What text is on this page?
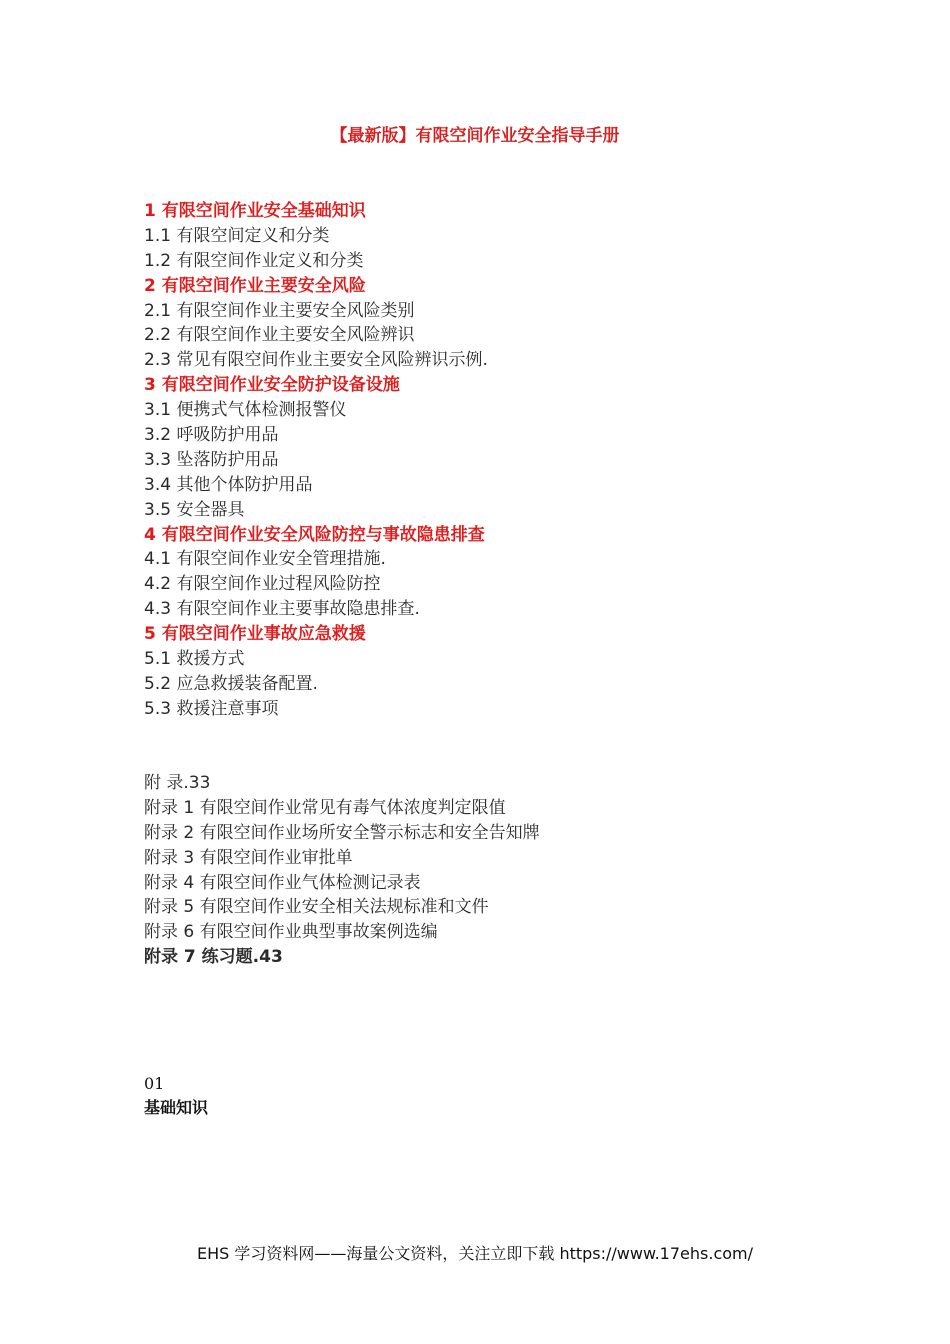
【最新版】有限空间作业安全指导手册
1 有限空间作业安全基础知识
1.1 有限空间定义和分类
1.2 有限空间作业定义和分类
2 有限空间作业主要安全风险
2.1 有限空间作业主要安全风险类别
2.2 有限空间作业主要安全风险辨识
2.3 常见有限空间作业主要安全风险辨识示例.
3 有限空间作业安全防护设备设施
3.1 便携式气体检测报警仪
3.2 呼吸防护用品
3.3 坠落防护用品
3.4 其他个体防护用品
3.5 安全器具
4 有限空间作业安全风险防控与事故隐患排查
4.1 有限空间作业安全管理措施.
4.2 有限空间作业过程风险防控
4.3 有限空间作业主要事故隐患排查.
5 有限空间作业事故应急救援
5.1 救援方式
5.2 应急救援装备配置.
5.3 救援注意事项
附 录.33
附录 1 有限空间作业常见有毒气体浓度判定限值
附录 2 有限空间作业场所安全警示标志和安全告知牌
附录 3 有限空间作业审批单
附录 4 有限空间作业气体检测记录表
附录 5 有限空间作业安全相关法规标准和文件
附录 6 有限空间作业典型事故案例选编
附录 7 练习题.43
01
基础知识
EHS 学习资料网——海量公文资料，关注立即下载 https://www.17ehs.com/
